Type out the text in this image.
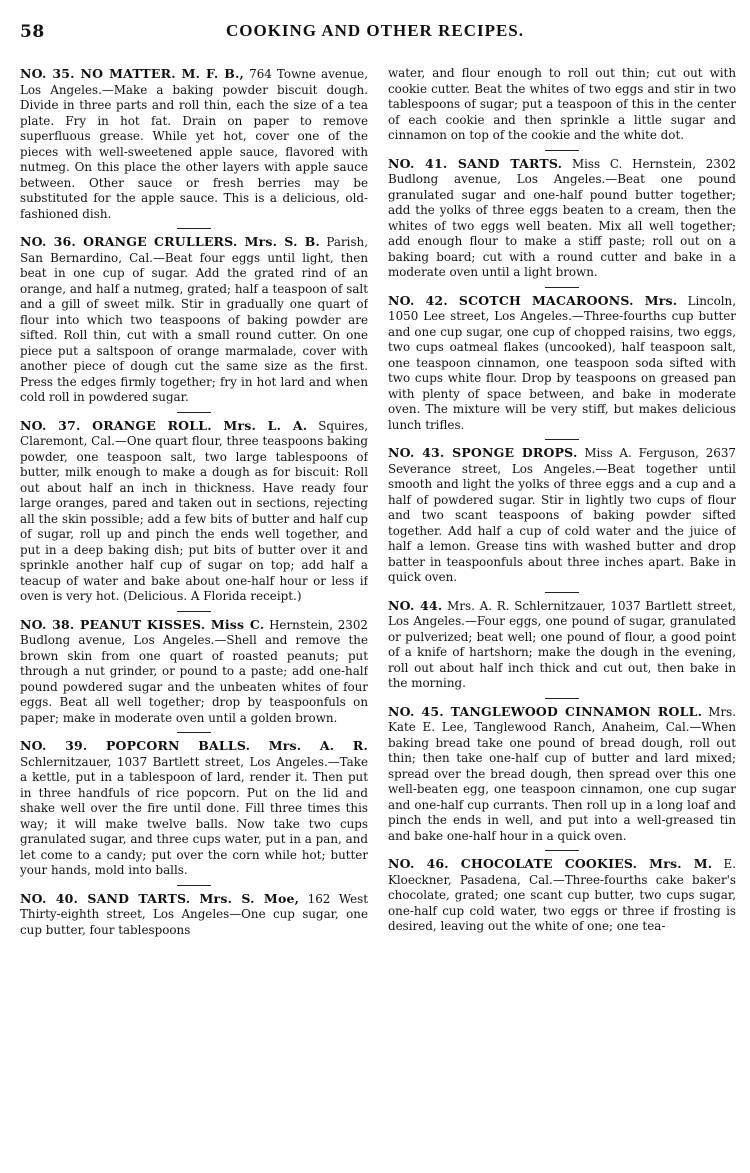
58	COOKING AND OTHER RECIPES.

NO. 35. NO MATTER. M. F. B., 764 Towne avenue, Los Angeles.—Make a baking powder biscuit dough. Divide in three parts and roll thin, each the size of a tea plate. Fry in hot fat. Drain on paper to remove superfluous grease. While yet hot, cover one of the pieces with well-sweetened apple sauce, flavored with nutmeg. On this place the other layers with apple sauce between. Other sauce or fresh berries may be substituted for the apple sauce. This is a delicious, old-fashioned dish.

NO. 36. ORANGE CRULLERS. Mrs. S. B. Parish, San Bernardino, Cal.—Beat four eggs until light, then beat in one cup of sugar. Add the grated rind of an orange, and half a nutmeg, grated; half a teaspoon of salt and a gill of sweet milk. Stir in gradually one quart of flour into which two teaspoons of baking powder are sifted. Roll thin, cut with a small round cutter. On one piece put a saltspoon of orange marmalade, cover with another piece of dough cut the same size as the first. Press the edges firmly together; fry in hot lard and when cold roll in powdered sugar.

NO. 37. ORANGE ROLL. Mrs. L. A. Squires, Claremont, Cal.—One quart flour, three teaspoons baking powder, one teaspoon salt, two large tablespoons of butter, milk enough to make a dough as for biscuit: Roll out about half an inch in thickness. Have ready four large oranges, pared and taken out in sections, rejecting all the skin possible; add a few bits of butter and half cup of sugar, roll up and pinch the ends well together, and put in a deep baking dish; put bits of butter over it and sprinkle another half cup of sugar on top; add half a teacup of water and bake about one-half hour or less if oven is very hot. (Delicious. A Florida receipt.)

NO. 38. PEANUT KISSES. Miss C. Hernstein, 2302 Budlong avenue, Los Angeles.—Shell and remove the brown skin from one quart of roasted peanuts; put through a nut grinder, or pound to a paste; add one-half pound powdered sugar and the unbeaten whites of four eggs. Beat all well together; drop by teaspoonfuls on paper; make in moderate oven until a golden brown.

NO. 39. POPCORN BALLS. Mrs. A. R. Schlernitzauer, 1037 Bartlett street, Los Angeles.—Take a kettle, put in a tablespoon of lard, render it. Then put in three handfuls of rice popcorn. Put on the lid and shake well over the fire until done. Fill three times this way; it will make twelve balls. Now take two cups granulated sugar, and three cups water, put in a pan, and let come to a candy; put over the corn while hot; butter your hands, mold into balls.

NO. 40. SAND TARTS. Mrs. S. Moe, 162 West Thirty-eighth street, Los Angeles—One cup sugar, one cup butter, four tablespoons

water, and flour enough to roll out thin; cut out with cookie cutter. Beat the whites of two eggs and stir in two tablespoons of sugar; put a teaspoon of this in the center of each cookie and then sprinkle a little sugar and cinnamon on top of the cookie and the white dot.

NO. 41. SAND TARTS. Miss C. Hernstein, 2302 Budlong avenue, Los Angeles.—Beat one pound granulated sugar and one-half pound butter together; add the yolks of three eggs beaten to a cream, then the whites of two eggs well beaten. Mix all well together; add enough flour to make a stiff paste; roll out on a baking board; cut with a round cutter and bake in a moderate oven until a light brown.

NO. 42. SCOTCH MACAROONS. Mrs. Lincoln, 1050 Lee street, Los Angeles.—Three-fourths cup butter and one cup sugar, one cup of chopped raisins, two eggs, two cups oatmeal flakes (uncooked), half teaspoon salt, one teaspoon cinnamon, one teaspoon soda sifted with two cups white flour. Drop by teaspoons on greased pan with plenty of space between, and bake in moderate oven. The mixture will be very stiff, but makes delicious lunch trifles.

NO. 43. SPONGE DROPS. Miss A. Ferguson, 2637 Severance street, Los Angeles.—Beat together until smooth and light the yolks of three eggs and a cup and a half of powdered sugar. Stir in lightly two cups of flour and two scant teaspoons of baking powder sifted together. Add half a cup of cold water and the juice of half a lemon. Grease tins with washed butter and drop batter in teaspoonfuls about three inches apart. Bake in quick oven.

NO. 44. Mrs. A. R. Schlernitzauer, 1037 Bartlett street, Los Angeles.—Four eggs, one pound of sugar, granulated or pulverized; beat well; one pound of flour, a good point of a knife of hartshorn; make the dough in the evening, roll out about half inch thick and cut out, then bake in the morning.

NO. 45. TANGLEWOOD CINNAMON ROLL. Mrs. Kate E. Lee, Tanglewood Ranch, Anaheim, Cal.—When baking bread take one pound of bread dough, roll out thin; then take one-half cup of butter and lard mixed; spread over the bread dough, then spread over this one well-beaten egg, one teaspoon cinnamon, one cup sugar and one-half cup currants. Then roll up in a long loaf and pinch the ends in well, and put into a well-greased tin and bake one-half hour in a quick oven.

NO. 46. CHOCOLATE COOKIES. Mrs. M. E. Kloeckner, Pasadena, Cal.—Three-fourths cake baker's chocolate, grated; one scant cup butter, two cups sugar, one-half cup cold water, two eggs or three if frosting is desired, leaving out the white of one; one tea-
